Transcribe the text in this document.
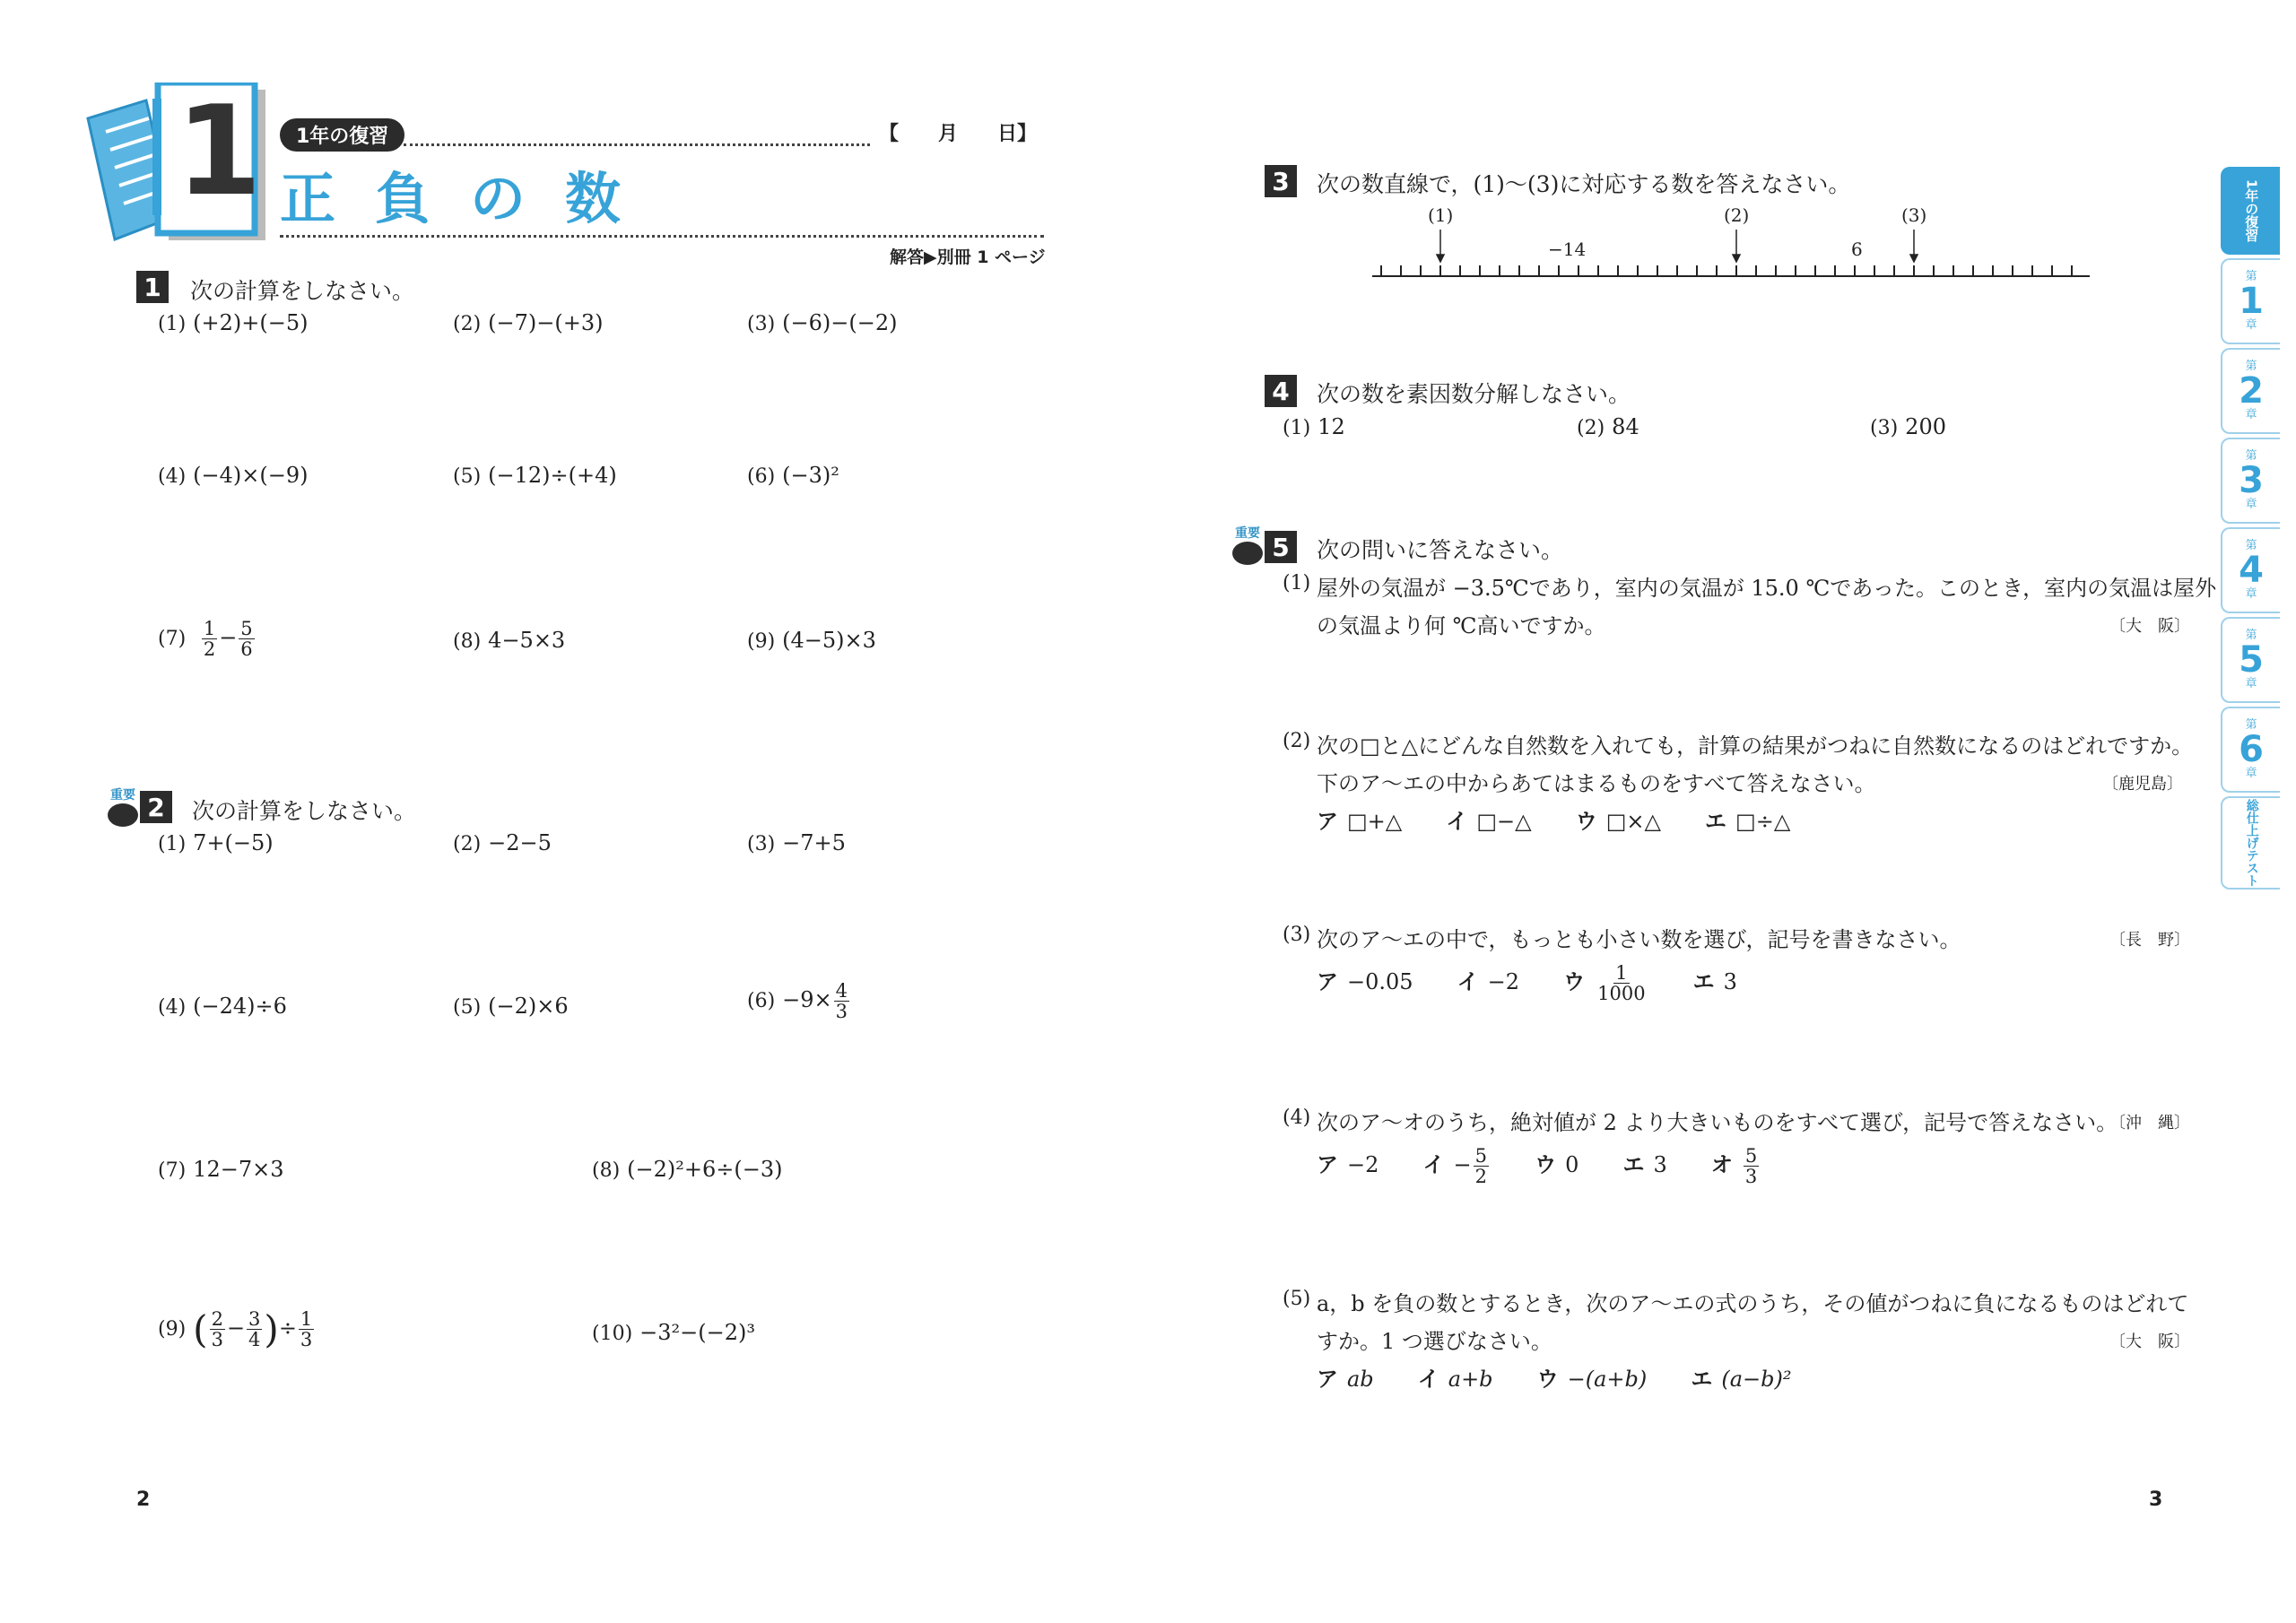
1	1年の復習	【　　月　　日】
正負の数
解答▶別冊 1 ページ
1	次の計算をしなさい。
(1) (+2)+(−5)	(2) (−7)−(+3)	(3) (−6)−(−2)
(4) (−4)×(−9)	(5) (−12)÷(+4)	(6) (−3)²
$(7) \frac{1}{2} - \frac{5}{6}$	(8) 4−5×3	(9) (4−5)×3
重要 2	次の計算をしなさい。
(1) 7+(−5)	(2) −2−5	(3) −7+5
(4) (−24)÷6	(5) (−2)×6	$(6) -9\times \frac{4}{3}$
(7) 12−7×3	(8) (−2)²+6÷(−3)
(9) ( $\frac{2}{3} - \frac{3}{4}$ )÷ $\frac{1}{3}$	(10) −3²−(−2)³
2
3	次の数直線で，(1)〜(3)に対応する数を答えなさい。
(1)	(2)	(3)
−14	6
4	次の数を素因数分解しなさい。
(1) 12	(2) 84	(3) 200
重要 5	次の問いに答えなさい。
(1) 屋外の気温が −3.5℃であり，室内の気温が 15.0 ℃であった。このとき，室内の気温は屋外
の気温より何 ℃高いですか。	〔大　阪〕
(2) 次の□と△にどんな自然数を入れても，計算の結果がつねに自然数になるのはどれですか。
下のア〜エの中からあてはまるものをすべて答えなさい。	〔鹿児島〕
ア □+△ イ □−△ ウ □×△ エ □÷△
(3) 次のア〜エの中で，もっとも小さい数を選び，記号を書きなさい。	〔長　野〕
ア −0.05 イ −2 ウ $\frac{1}{1000}$ エ 3
(4) 次のア〜オのうち，絶対値が 2 より大きいものをすべて選び，記号で答えなさい。
〔沖　縄〕
ア −2 イ − $\frac{5}{2}$ ウ 0 エ 3 オ $\frac{5}{3}$
(5) a，b を負の数とするとき，次のア〜エの式のうち，その値がつねに負になるものはどれて
すか。1 つ選びなさい。	〔大　阪〕
ア ab イ a+b ウ −(a+b) エ (a−b)²
3
1年の
復習
第
1
章
第
2
章
第
3
章
第
4
章
第
5
章
第
6
章
総仕上げテスト
